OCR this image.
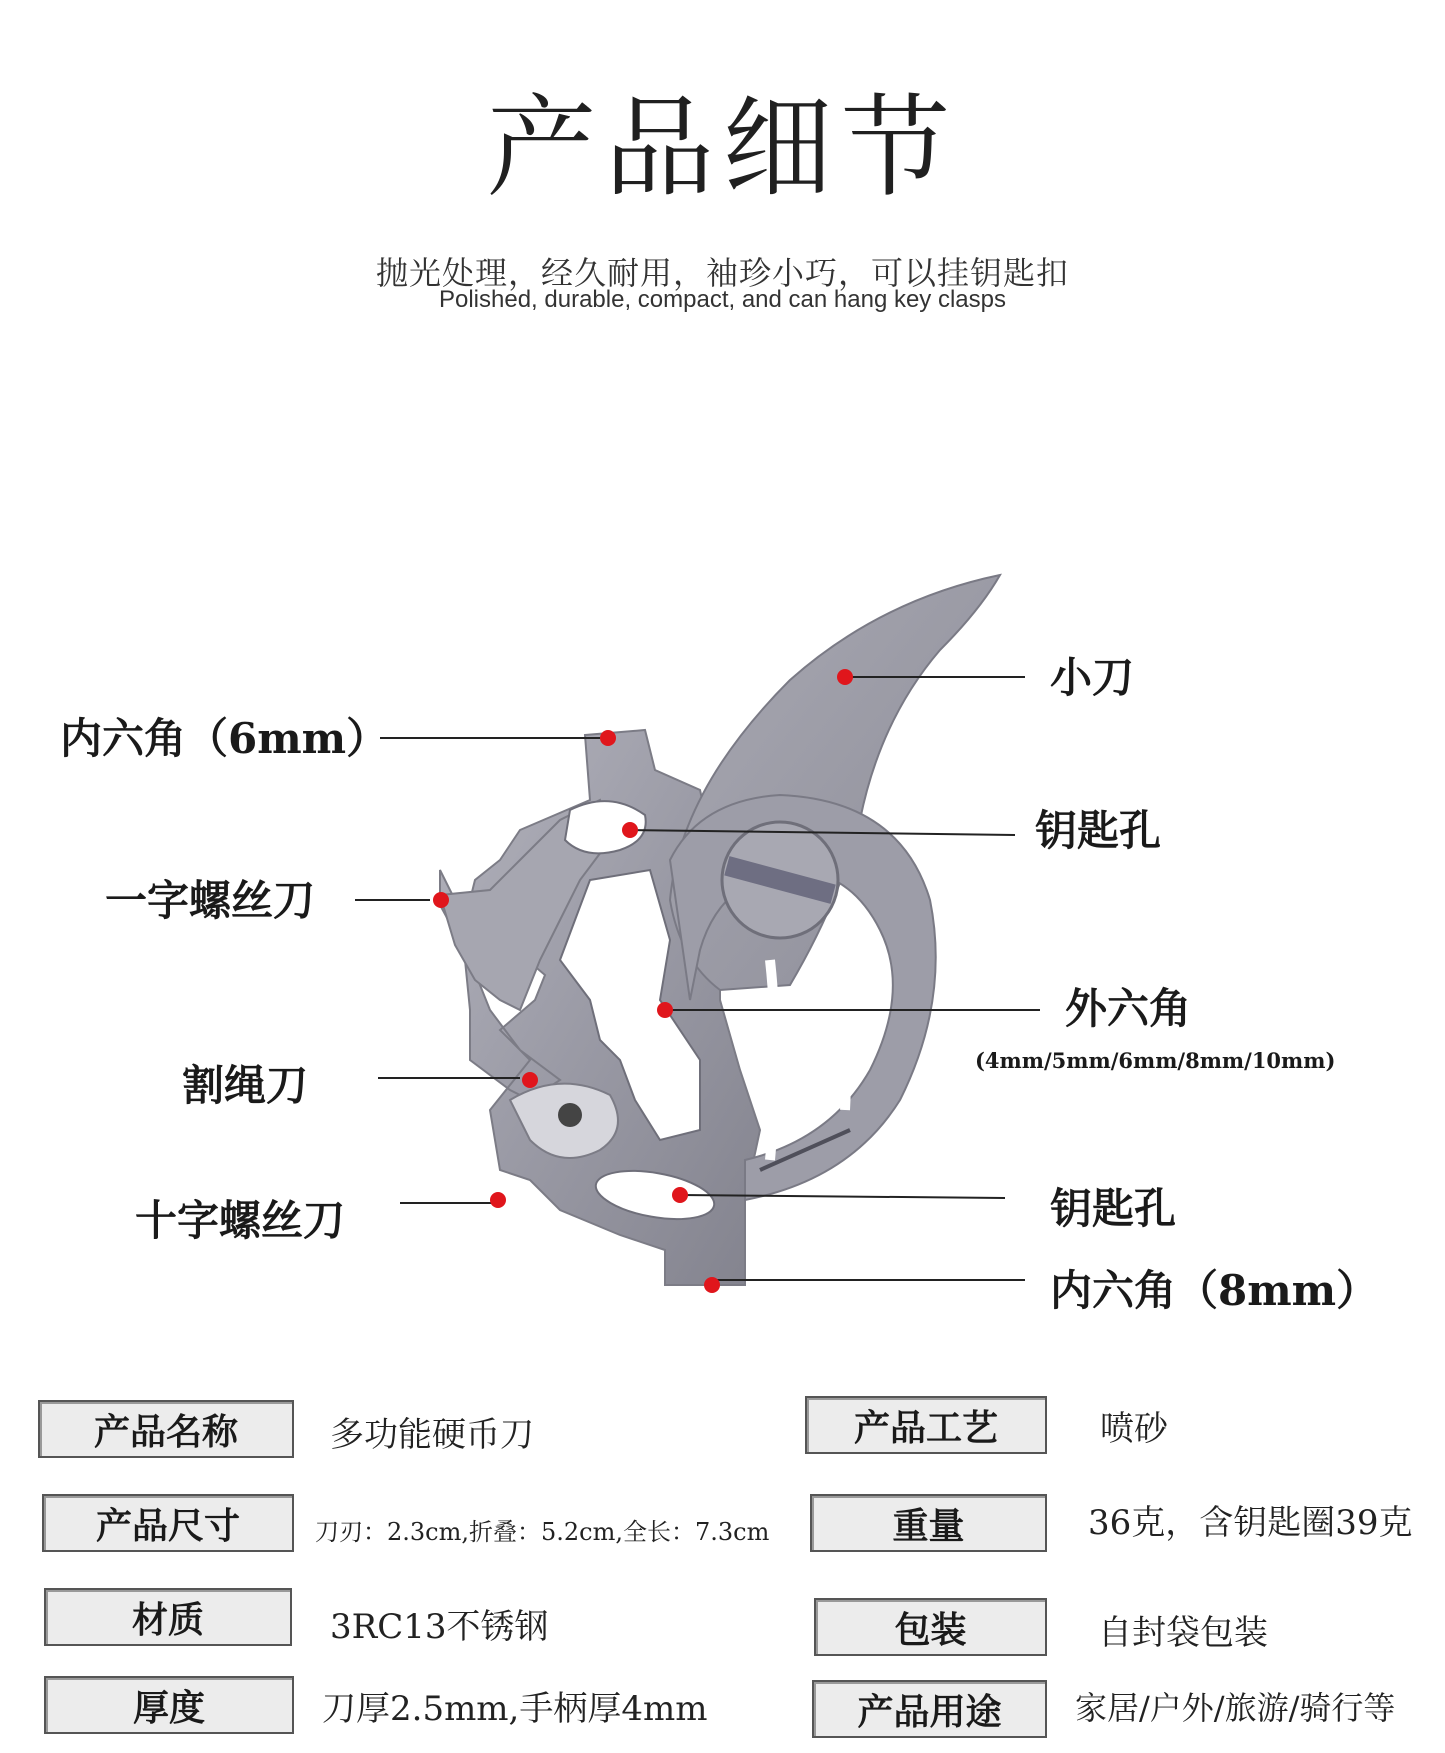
产品细节
抛光处理，经久耐用，袖珍小巧，可以挂钥匙扣
Polished, durable, compact, and can hang key clasps
小刀
内六角（6mm）
钥匙孔
一字螺丝刀
外六角
(4mm/5mm/6mm/8mm/10mm)
割绳刀
十字螺丝刀	钥匙孔
内六角（8mm）
产品名称	多功能硬币刀	产品工艺	喷砂
产品尺寸	刀刃：2.3cm,折叠：5.2cm,全长：7.3cm	重量	36克，含钥匙圈39克
材质	3RC13不锈钢	包装	自封袋包装
厚度	刀厚2.5mm,手柄厚4mm	产品用途	家居/户外/旅游/骑行等
